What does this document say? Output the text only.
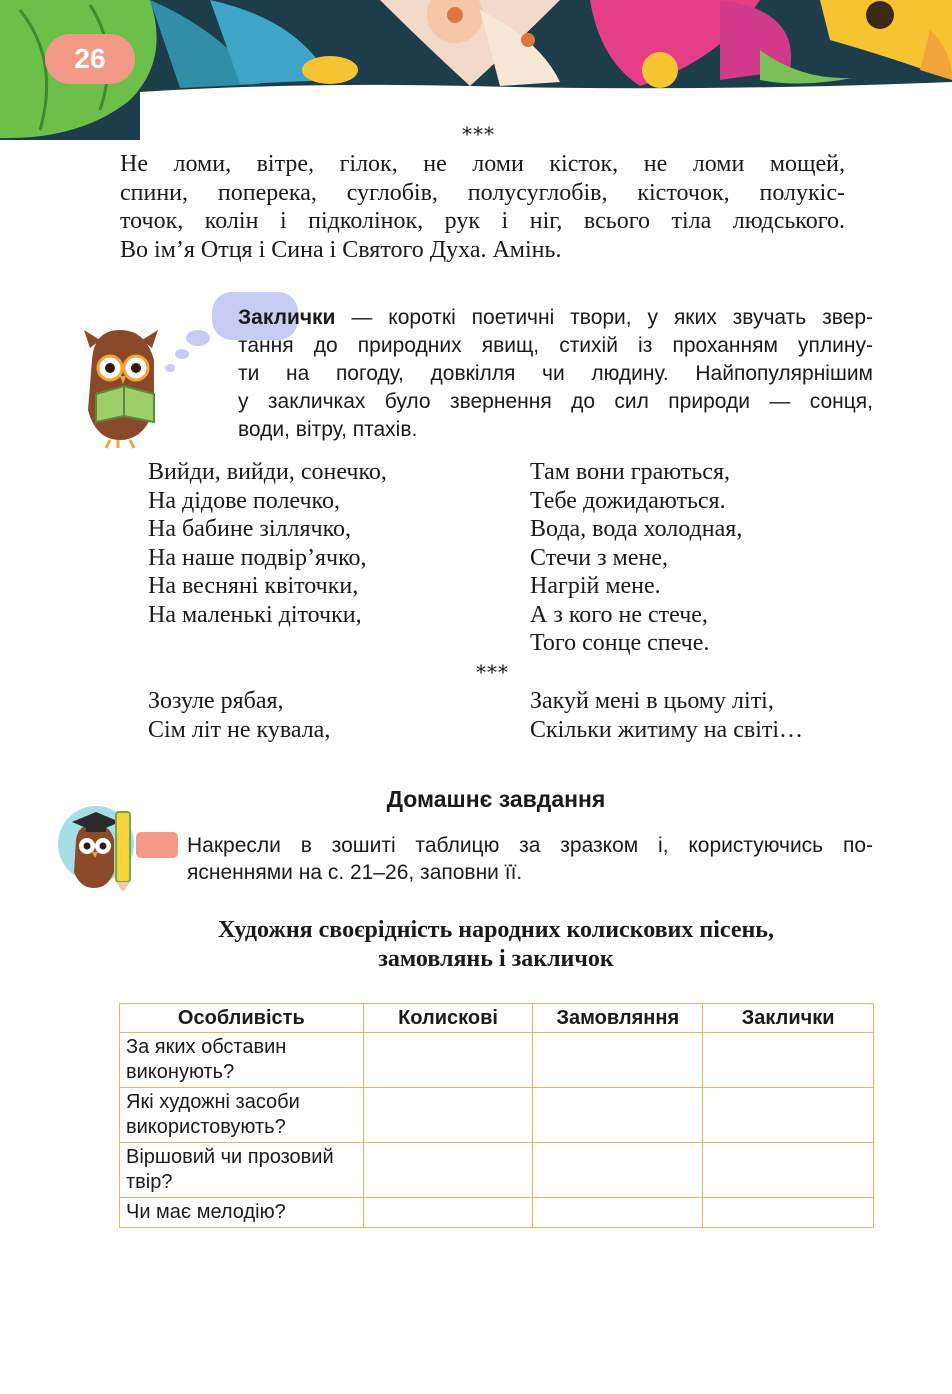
26
***

Не ломи, вітре, гілок, не ломи кісток, не ломи мощей,
спини, поперека, суглобів, полусуглобів, кісточок, полукіс-
точок, колін і підколінок, рук і ніг, всього тіла людського.
Во ім’я Отця і Сина і Святого Духа. Амінь.

Заклички — короткі поетичні твори, у яких звучать звер-
тання до природних явищ, стихій із проханням уплину-
ти на погоду, довкілля чи людину. Найпопулярнішим
у закличках було звернення до сил природи — сонця,
води, вітру, птахів.

Вийди, вийди, сонечко,
На дідове полечко,
На бабине зіллячко,
На наше подвір’ячко,
На весняні квіточки,
На маленькі діточки,
Там вони граються,
Тебе дожидаються.
Вода, вода холодная,
Стечи з мене,
Нагрій мене.
А з кого не стече,
Того сонце спече.
***
Зозуле рябая,
Сім літ не кувала,
Закуй мені в цьому літі,
Скільки житиму на світі…
Домашнє завдання

Накресли в зошиті таблицю за зразком і, користуючись по-
ясненнями на с. 21–26, заповни її.

Художня своєрідність народних колискових пісень,
замовлянь і закличок
Особливість	Колискові	Замовляння	Заклички
За яких обставин виконують?			
Які художні засоби використовують?			
Віршовий чи прозовий твір?			
Чи має мелодію?			
